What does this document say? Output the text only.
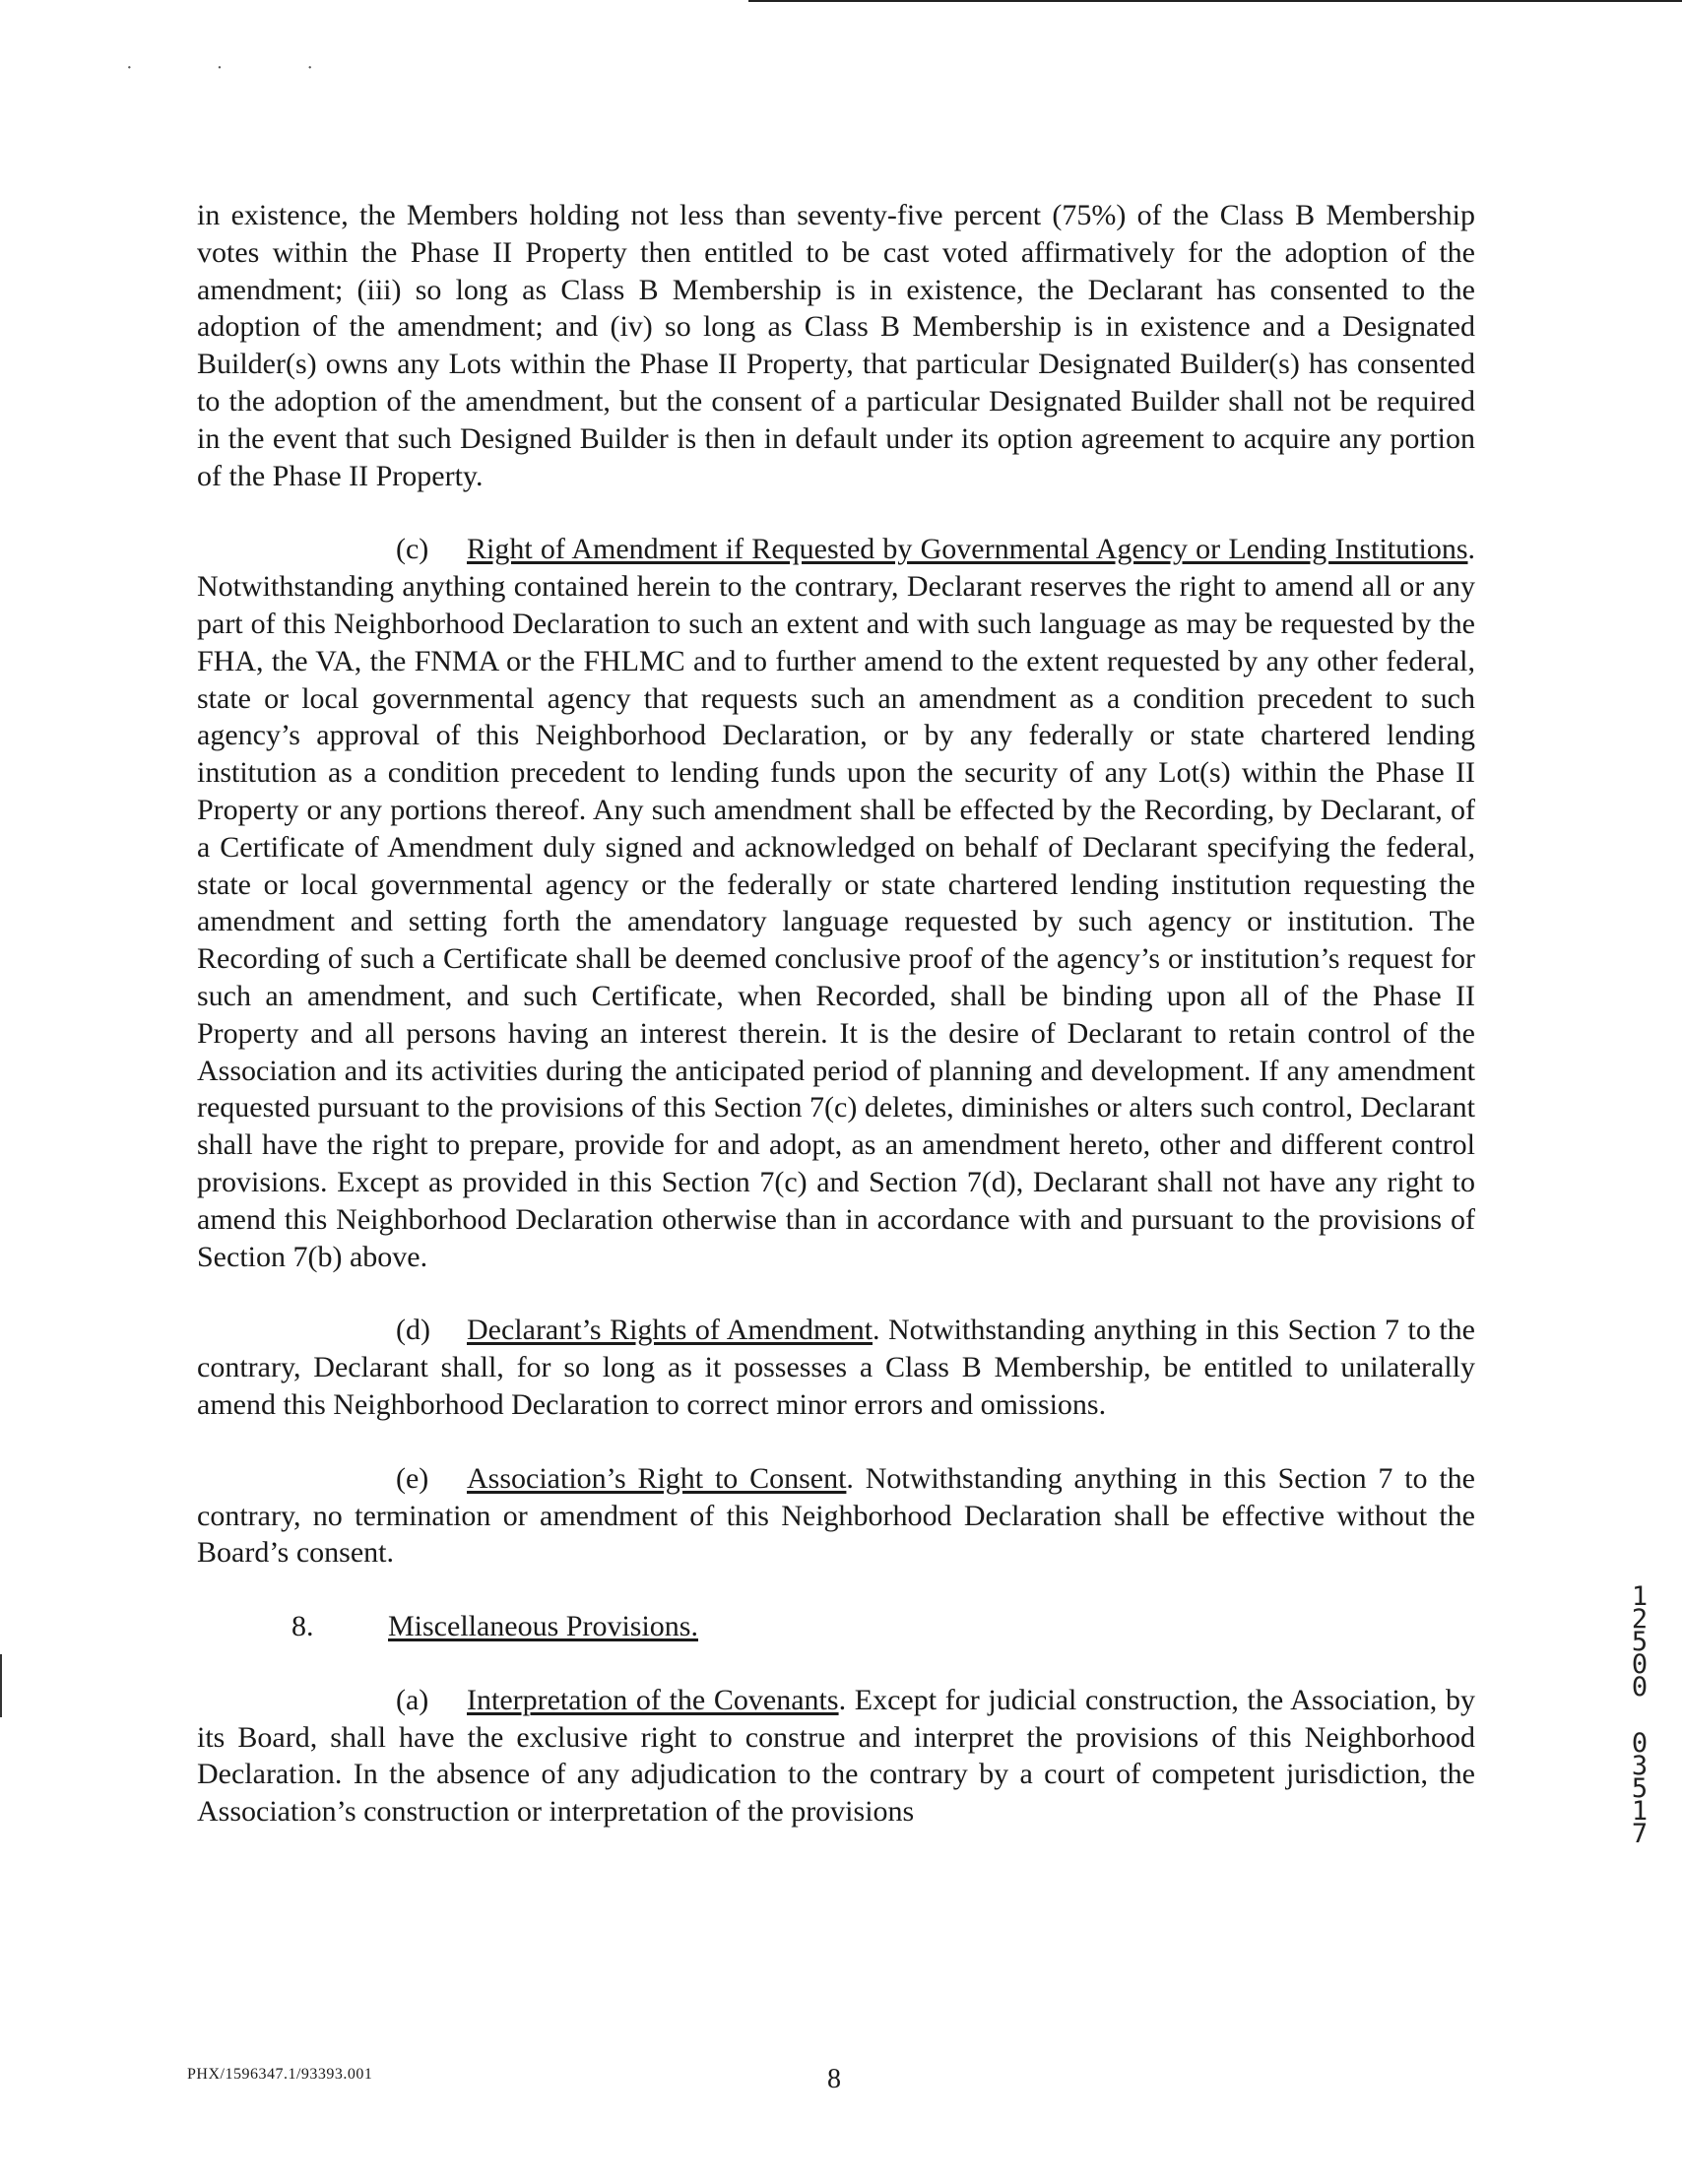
· · ·

in existence, the Members holding not less than seventy-five percent (75%) of the Class B Membership votes within the Phase II Property then entitled to be cast voted affirmatively for the adoption of the amendment; (iii) so long as Class B Membership is in existence, the Declarant has consented to the adoption of the amendment; and (iv) so long as Class B Membership is in existence and a Designated Builder(s) owns any Lots within the Phase II Property, that particular Designated Builder(s) has consented to the adoption of the amendment, but the consent of a particular Designated Builder shall not be required in the event that such Designed Builder is then in default under its option agreement to acquire any portion of the Phase II Property.

(c) Right of Amendment if Requested by Governmental Agency or Lending Institutions. Notwithstanding anything contained herein to the contrary, Declarant reserves the right to amend all or any part of this Neighborhood Declaration to such an extent and with such language as may be requested by the FHA, the VA, the FNMA or the FHLMC and to further amend to the extent requested by any other federal, state or local governmental agency that requests such an amendment as a condition precedent to such agency’s approval of this Neighborhood Declaration, or by any federally or state chartered lending institution as a condition precedent to lending funds upon the security of any Lot(s) within the Phase II Property or any portions thereof. Any such amendment shall be effected by the Recording, by Declarant, of a Certificate of Amendment duly signed and acknowledged on behalf of Declarant specifying the federal, state or local governmental agency or the federally or state chartered lending institution requesting the amendment and setting forth the amendatory language requested by such agency or institution. The Recording of such a Certificate shall be deemed conclusive proof of the agency’s or institution’s request for such an amendment, and such Certificate, when Recorded, shall be binding upon all of the Phase II Property and all persons having an interest therein. It is the desire of Declarant to retain control of the Association and its activities during the anticipated period of planning and development. If any amendment requested pursuant to the provisions of this Section 7(c) deletes, diminishes or alters such control, Declarant shall have the right to prepare, provide for and adopt, as an amendment hereto, other and different control provisions. Except as provided in this Section 7(c) and Section 7(d), Declarant shall not have any right to amend this Neighborhood Declaration otherwise than in accordance with and pursuant to the provisions of Section 7(b) above.

(d) Declarant’s Rights of Amendment. Notwithstanding anything in this Section 7 to the contrary, Declarant shall, for so long as it possesses a Class B Membership, be entitled to unilaterally amend this Neighborhood Declaration to correct minor errors and omissions.

(e) Association’s Right to Consent. Notwithstanding anything in this Section 7 to the contrary, no termination or amendment of this Neighborhood Declaration shall be effective without the Board’s consent.

8.	Miscellaneous Provisions.

(a) Interpretation of the Covenants. Except for judicial construction, the Association, by its Board, shall have the exclusive right to construe and interpret the provisions of this Neighborhood Declaration. In the absence of any adjudication to the contrary by a court of competent jurisdiction, the Association’s construction or interpretation of the provisions

1
2
5
0
0
0
3
5
1
7
PHX/1596347.1/93393.001	8
